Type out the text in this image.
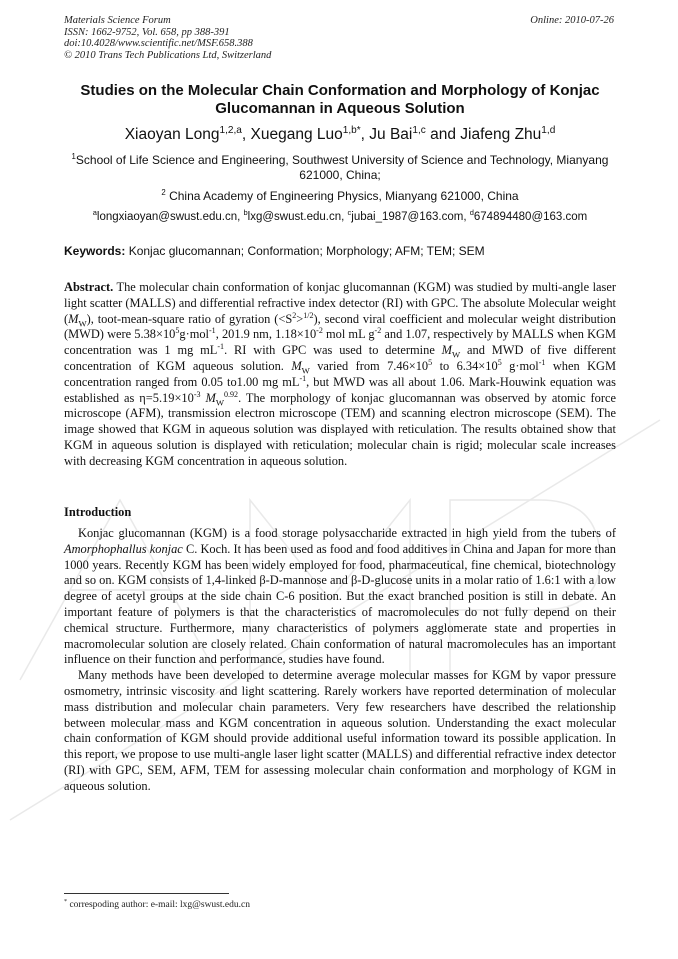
Materials Science Forum
ISSN: 1662-9752, Vol. 658, pp 388-391
doi:10.4028/www.scientific.net/MSF.658.388
© 2010 Trans Tech Publications Ltd, Switzerland
Online: 2010-07-26
Studies on the Molecular Chain Conformation and Morphology of Konjac Glucomannan in Aqueous Solution
Xiaoyan Long$^{1,2,a}$, Xuegang Luo$^{1,b*}$, Ju Bai$^{1,c}$ and Jiafeng Zhu$^{1,d}$
$^1$School of Life Science and Engineering, Southwest University of Science and Technology, Mianyang 621000, China;
$^2$ China Academy of Engineering Physics, Mianyang 621000, China
$^a$longxiaoyan@swust.edu.cn, $^b$lxg@swust.edu.cn, $^c$jubai_1987@163.com, $^d$674894480@163.com
Keywords: Konjac glucomannan; Conformation; Morphology; AFM; TEM; SEM
Abstract. The molecular chain conformation of konjac glucomannan (KGM) was studied by multi-angle laser light scatter (MALLS) and differential refractive index detector (RI) with GPC. The absolute Molecular weight $(M_W)$, toot-mean-square ratio of gyration $(<S^2>^{1/2})$, second viral coefficient and molecular weight distribution (MWD) were $5.38\times 10^5g\cdot mol^{-1}$, 201.9 nm, $1.18\times 10^{-2}$ mol mL $g^{-2}$ and 1.07, respectively by MALLS when KGM concentration was 1 mg $mL^{-1}$. RI with GPC was used to determine $M_W$ and MWD of five different concentration of KGM aqueous solution. $M_W$ varied from $7.46\times 10^5$ to $6.34\times 10^5$ g·mol$^{-1}$ when KGM concentration ranged from 0.05 to1.00 mg $mL^{-1}$, but MWD was all about 1.06. Mark-Houwink equation was established as $\eta=5.19\times 10^{-3}$ $M_W^{0.92}$. The morphology of konjac glucomannan was observed by atomic force microscope (AFM), transmission electron microscope (TEM) and scanning electron microscope (SEM). The image showed that KGM in aqueous solution was displayed with reticulation. The results obtained show that KGM in aqueous solution is displayed with reticulation; molecular chain is rigid; molecular scale increases with decreasing KGM concentration in aqueous solution.
Introduction

Konjac glucomannan (KGM) is a food storage polysaccharide extracted in high yield from the tubers of Amorphophallus konjac C. Koch. It has been used as food and food additives in China and Japan for more than 1000 years. Recently KGM has been widely employed for food, pharmaceutical, fine chemical, biotechnology and so on. KGM consists of 1,4-linked β-D-mannose and β-D-glucose units in a molar ratio of 1.6:1 with a low degree of acetyl groups at the side chain C-6 position. But the exact branched position is still in debate. An important feature of polymers is that the characteristics of macromolecules do not fully depend on their chemical structure. Furthermore, many characteristics of polymers agglomerate state and properties in macromolecular solution are closely related. Chain conformation of natural macromolecules has an important influence on their function and performance, studies have found.

Many methods have been developed to determine average molecular masses for KGM by vapor pressure osmometry, intrinsic viscosity and light scattering. Rarely workers have reported determination of molecular mass distribution and molecular chain parameters. Very few researchers have described the relationship between molecular mass and KGM concentration in aqueous solution. Understanding the exact molecular chain conformation of KGM should provide additional useful information toward its possible application. In this report, we propose to use multi-angle laser light scatter (MALLS) and differential refractive index detector (RI) with GPC, SEM, AFM, TEM for assessing molecular chain conformation and morphology of KGM in aqueous solution.

* correspoding author: e-mail: lxg@swust.edu.cn
